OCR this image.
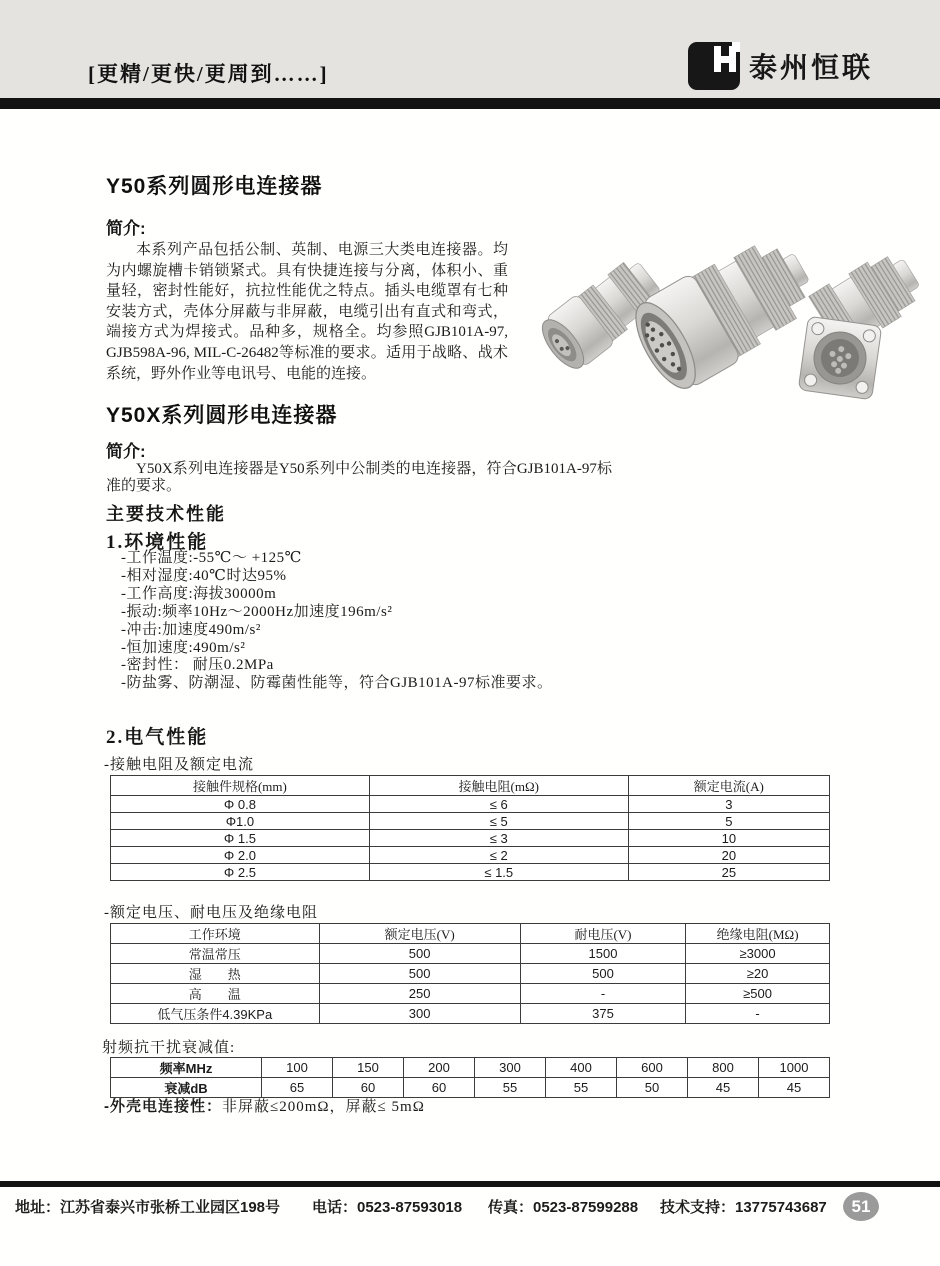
[更精/更快/更周到……]	泰州恒联
Y50系列圆形电连接器
简介:
本系列产品包括公制、英制、电源三大类电连接器。均为内螺旋槽卡销锁紧式。具有快捷连接与分离，体积小、重量轻，密封性能好，抗拉性能优之特点。插头电缆罩有七种安装方式，壳体分屏蔽与非屏蔽，电缆引出有直式和弯式，端接方式为焊接式。品种多，规格全。均参照GJB101A-97, GJB598A-96, MIL-C-26482等标准的要求。适用于战略、战术系统，野外作业等电讯号、电能的连接。
Y50X系列圆形电连接器
简介:
Y50X系列电连接器是Y50系列中公制类的电连接器，符合GJB101A-97标准的要求。
主要技术性能
1.环境性能
-工作温度:-55℃～ +125℃
-相对湿度:40℃时达95%
-工作高度:海拔30000m
-振动:频率10Hz～2000Hz加速度196m/s²
-冲击:加速度490m/s²
-恒加速度:490m/s²
-密封性： 耐压0.2MPa
-防盐雾、防潮湿、防霉菌性能等，符合GJB101A-97标准要求。
2.电气性能
-接触电阻及额定电流
接触件规格(mm)	接触电阻(mΩ)	额定电流(A)
Φ 0.8	≤ 6	3
Φ1.0	≤ 5	5
Φ 1.5	≤ 3	10
Φ 2.0	≤ 2	20
Φ 2.5	≤ 1.5	25
-额定电压、耐电压及绝缘电阻
工作环境	额定电压(V)	耐电压(V)	绝缘电阻(MΩ)
常温常压	500	1500	≥3000
湿　　热	500	500	≥20
高　　温	250	-	≥500
低气压条件4.39KPa	300	375	-
射频抗干扰衰减值:
频率MHz	100	150	200	300	400	600	800	1000
衰减dB	65	60	60	55	55	50	45	45
-外壳电连接性：非屏蔽≤200mΩ，屏蔽≤ 5mΩ
地址：江苏省泰兴市张桥工业园区198号 电话：0523-87593018 传真：0523-87599288 技术支持：13775743687	51
